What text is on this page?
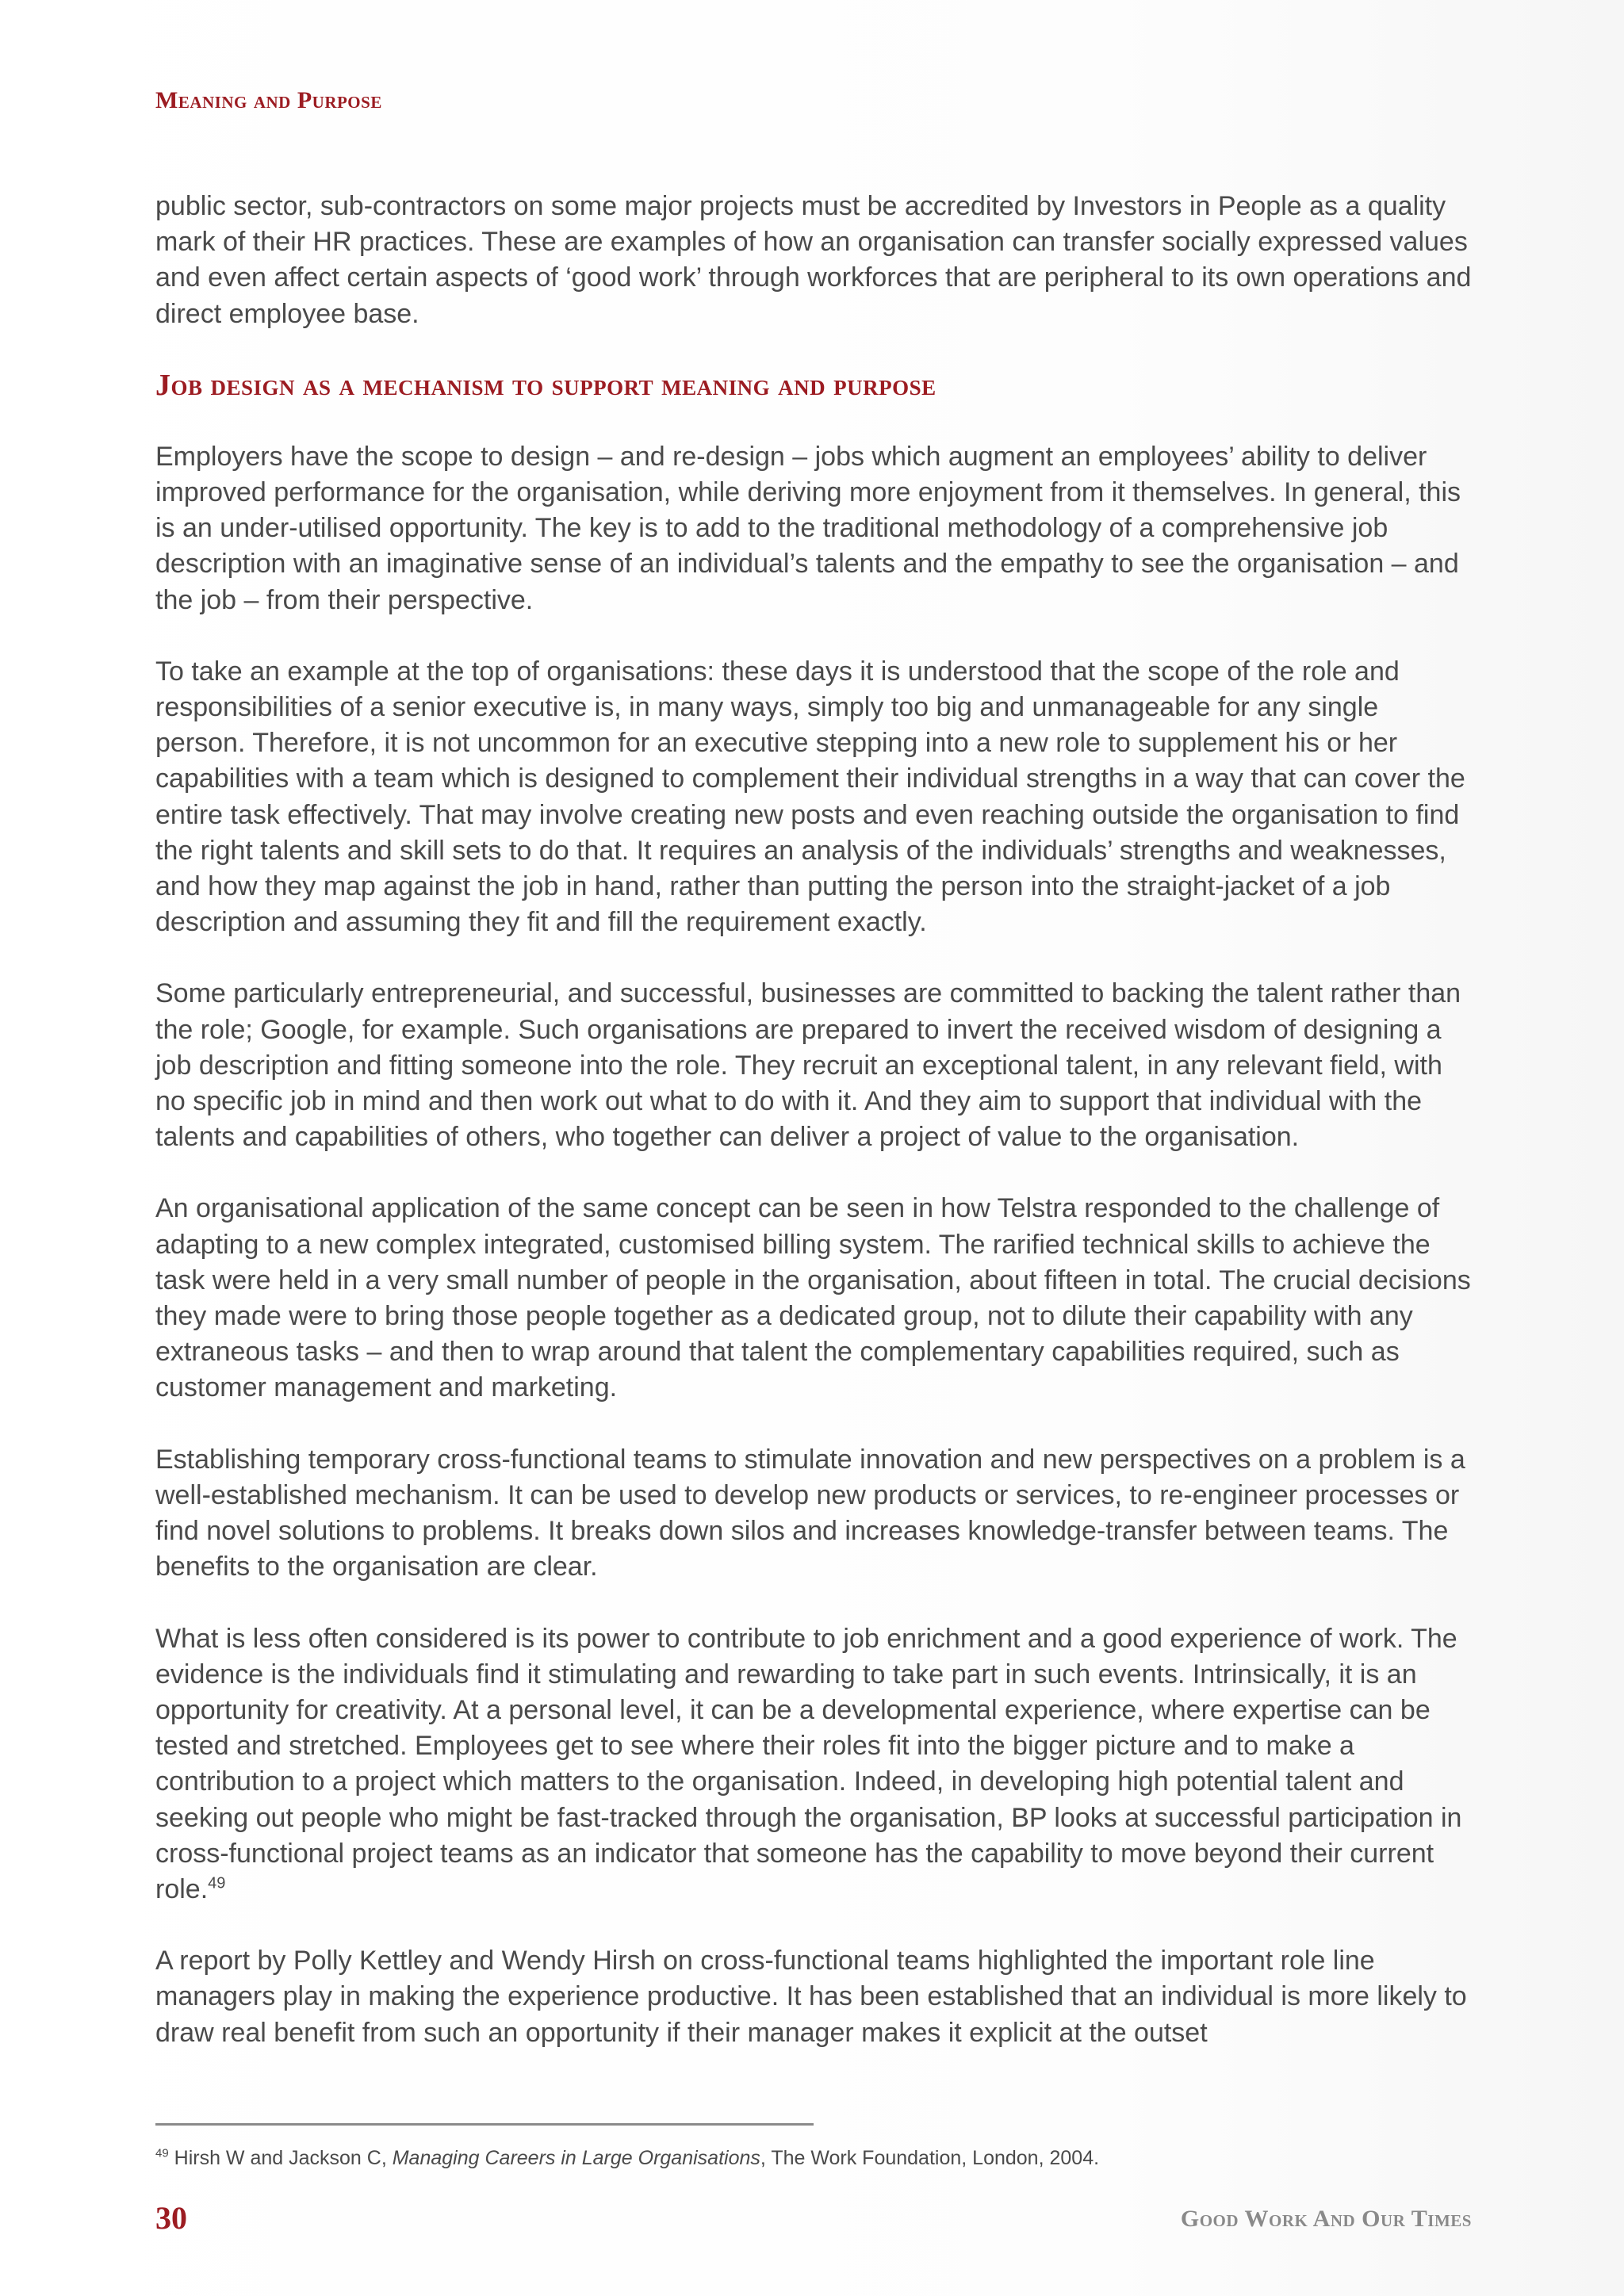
Meaning and Purpose

public sector, sub-contractors on some major projects must be accredited by Investors in People as a quality mark of their HR practices. These are examples of how an organisation can transfer socially expressed values and even affect certain aspects of ‘good work’ through workforces that are peripheral to its own operations and direct employee base.

Job design as a mechanism to support meaning and purpose

Employers have the scope to design – and re-design – jobs which augment an employees’ ability to deliver improved performance for the organisation, while deriving more enjoyment from it themselves. In general, this is an under-utilised opportunity. The key is to add to the traditional methodology of a comprehensive job description with an imaginative sense of an individual’s talents and the empathy to see the organisation – and the job – from their perspective.

To take an example at the top of organisations: these days it is understood that the scope of the role and responsibilities of a senior executive is, in many ways, simply too big and unmanageable for any single person. Therefore, it is not uncommon for an executive stepping into a new role to supplement his or her capabilities with a team which is designed to complement their individual strengths in a way that can cover the entire task effectively. That may involve creating new posts and even reaching outside the organisation to find the right talents and skill sets to do that. It requires an analysis of the individuals’ strengths and weaknesses, and how they map against the job in hand, rather than putting the person into the straight-jacket of a job description and assuming they fit and fill the requirement exactly.

Some particularly entrepreneurial, and successful, businesses are committed to backing the talent rather than the role; Google, for example. Such organisations are prepared to invert the received wisdom of designing a job description and fitting someone into the role. They recruit an exceptional talent, in any relevant field, with no specific job in mind and then work out what to do with it. And they aim to support that individual with the talents and capabilities of others, who together can deliver a project of value to the organisation.

An organisational application of the same concept can be seen in how Telstra responded to the challenge of adapting to a new complex integrated, customised billing system. The rarified technical skills to achieve the task were held in a very small number of people in the organisation, about fifteen in total. The crucial decisions they made were to bring those people together as a dedicated group, not to dilute their capability with any extraneous tasks – and then to wrap around that talent the complementary capabilities required, such as customer management and marketing.

Establishing temporary cross-functional teams to stimulate innovation and new perspectives on a problem is a well-established mechanism. It can be used to develop new products or services, to re-engineer processes or find novel solutions to problems. It breaks down silos and increases knowledge-transfer between teams. The benefits to the organisation are clear.

What is less often considered is its power to contribute to job enrichment and a good experience of work. The evidence is the individuals find it stimulating and rewarding to take part in such events. Intrinsically, it is an opportunity for creativity. At a personal level, it can be a developmental experience, where expertise can be tested and stretched. Employees get to see where their roles fit into the bigger picture and to make a contribution to a project which matters to the organisation. Indeed, in developing high potential talent and seeking out people who might be fast-tracked through the organisation, BP looks at successful participation in cross-functional project teams as an indicator that someone has the capability to move beyond their current role.$^{49}$

A report by Polly Kettley and Wendy Hirsh on cross-functional teams highlighted the important role line managers play in making the experience productive. It has been established that an individual is more likely to draw real benefit from such an opportunity if their manager makes it explicit at the outset

$^{49}$ Hirsh W and Jackson C, Managing Careers in Large Organisations, The Work Foundation, London, 2004.
30	Good Work And Our Times
